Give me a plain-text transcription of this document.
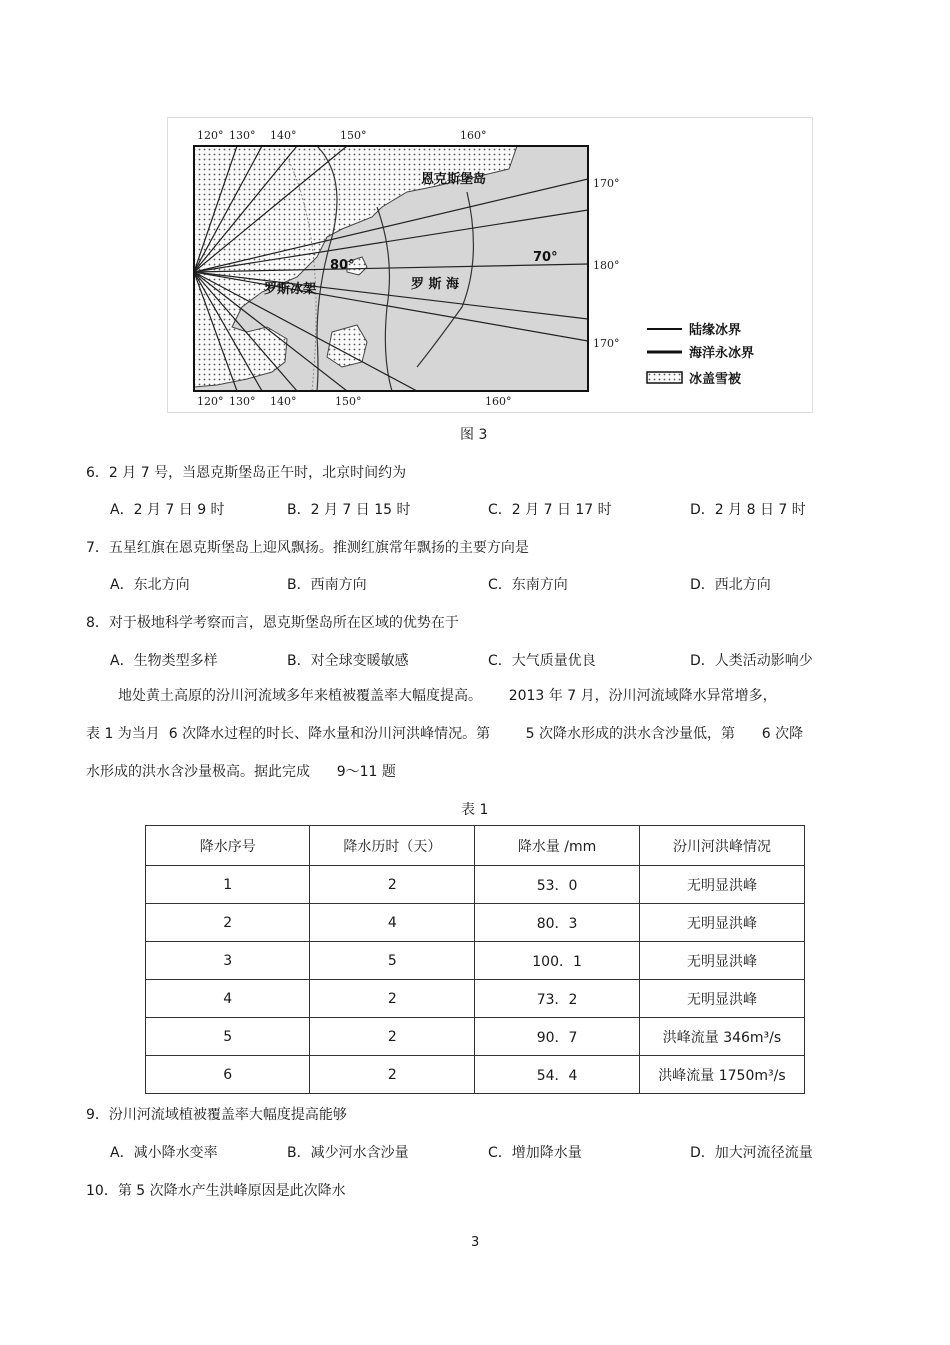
120° 130° 140°	150°	160°
120° 130° 140°	150°	160°
170°
180°
170°
80°
70°
恩克斯堡岛
罗斯冰架	罗 斯 海
陆缘冰界
海洋永冰界
冰盖雪被
图 3
6．2 月 7 号，当恩克斯堡岛正午时，北京时间约为
A．2 月 7 日 9 时	B．2 月 7 日 15 时	C．2 月 7 日 17 时	D．2 月 8 日 7 时
7．五星红旗在恩克斯堡岛上迎风飘扬。推测红旗常年飘扬的主要方向是
A．东北方向	B．西南方向	C．东南方向	D．西北方向
8．对于极地科学考察而言，恩克斯堡岛所在区域的优势在于
A．生物类型多样	B．对全球变暖敏感	C．大气质量优良	D．人类活动影响少
地处黄土高原的汾川河流域多年来植被覆盖率大幅度提高。      2013 年 7 月，汾川河流域降水异常增多，
表 1 为当月  6 次降水过程的时长、降水量和汾川河洪峰情况。第        5 次降水形成的洪水含沙量低，第      6 次降
水形成的洪水含沙量极高。据此完成      9～11 题
表 1
降水序号	降水历时（天）	降水量 /mm	汾川河洪峰情况
1	2	53．0	无明显洪峰
2	4	80．3	无明显洪峰
3	5	100．1	无明显洪峰
4	2	73．2	无明显洪峰
5	2	90．7	洪峰流量 346m³/s
6	2	54．4	洪峰流量 1750m³/s
9．汾川河流域植被覆盖率大幅度提高能够
A．减小降水变率	B．减少河水含沙量	C．增加降水量	D．加大河流径流量
10．第 5 次降水产生洪峰原因是此次降水
3
